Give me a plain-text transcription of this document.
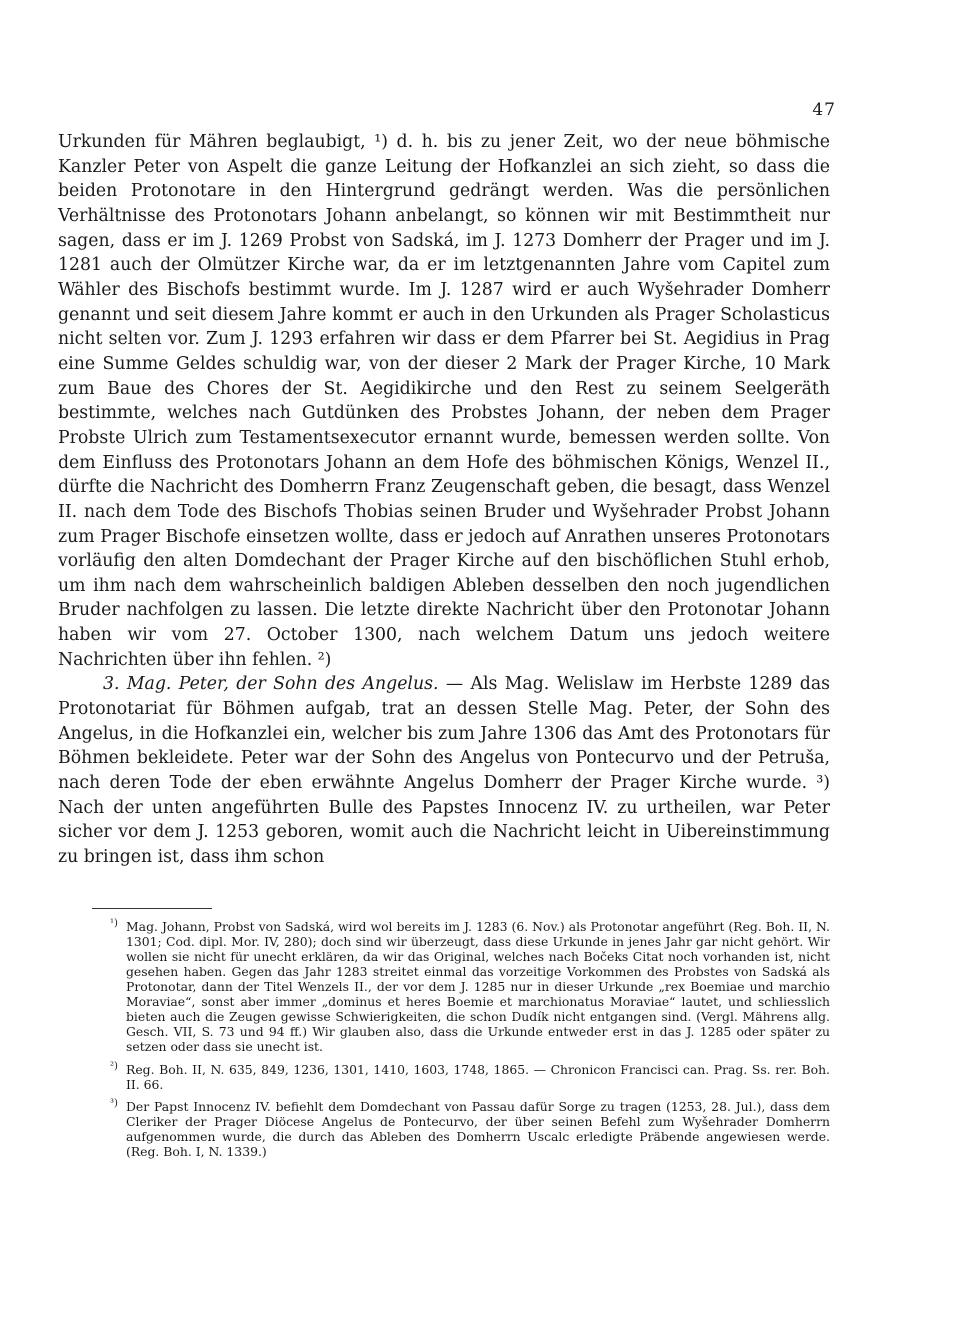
47

Urkunden für Mähren beglaubigt, ¹) d. h. bis zu jener Zeit, wo der neue böhmische Kanzler Peter von Aspelt die ganze Leitung der Hofkanzlei an sich zieht, so dass die beiden Protonotare in den Hintergrund gedrängt werden. Was die persönlichen Verhältnisse des Protonotars Johann anbelangt, so können wir mit Bestimmtheit nur sagen, dass er im J. 1269 Probst von Sadská, im J. 1273 Domherr der Prager und im J. 1281 auch der Olmützer Kirche war, da er im letztgenannten Jahre vom Capitel zum Wähler des Bischofs bestimmt wurde. Im J. 1287 wird er auch Wyšehrader Domherr genannt und seit diesem Jahre kommt er auch in den Urkunden als Prager Scholasticus nicht selten vor. Zum J. 1293 erfahren wir dass er dem Pfarrer bei St. Aegidius in Prag eine Summe Geldes schuldig war, von der dieser 2 Mark der Prager Kirche, 10 Mark zum Baue des Chores der St. Aegidikirche und den Rest zu seinem Seelgeräth bestimmte, welches nach Gutdünken des Probstes Johann, der neben dem Prager Probste Ulrich zum Testamentsexecutor ernannt wurde, bemessen werden sollte. Von dem Einfluss des Protonotars Johann an dem Hofe des böhmischen Königs, Wenzel II., dürfte die Nachricht des Domherrn Franz Zeugenschaft geben, die besagt, dass Wenzel II. nach dem Tode des Bischofs Thobias seinen Bruder und Wyšehrader Probst Johann zum Prager Bischofe einsetzen wollte, dass er jedoch auf Anrathen unseres Protonotars vorläufig den alten Domdechant der Prager Kirche auf den bischöflichen Stuhl erhob, um ihm nach dem wahrscheinlich baldigen Ableben desselben den noch jugendlichen Bruder nachfolgen zu lassen. Die letzte direkte Nachricht über den Protonotar Johann haben wir vom 27. October 1300, nach welchem Datum uns jedoch weitere Nachrichten über ihn fehlen. ²)

3. Mag. Peter, der Sohn des Angelus. — Als Mag. Welislaw im Herbste 1289 das Protonotariat für Böhmen aufgab, trat an dessen Stelle Mag. Peter, der Sohn des Angelus, in die Hofkanzlei ein, welcher bis zum Jahre 1306 das Amt des Protonotars für Böhmen bekleidete. Peter war der Sohn des Angelus von Pontecurvo und der Petruša, nach deren Tode der eben erwähnte Angelus Domherr der Prager Kirche wurde. ³) Nach der unten angeführten Bulle des Papstes Innocenz IV. zu urtheilen, war Peter sicher vor dem J. 1253 geboren, womit auch die Nachricht leicht in Uibereinstimmung zu bringen ist, dass ihm schon

¹) Mag. Johann, Probst von Sadská, wird wol bereits im J. 1283 (6. Nov.) als Protonotar angeführt (Reg. Boh. II, N. 1301; Cod. dipl. Mor. IV, 280); doch sind wir überzeugt, dass diese Urkunde in jenes Jahr gar nicht gehört. Wir wollen sie nicht für unecht erklären, da wir das Original, welches nach Bočeks Citat noch vorhanden ist, nicht gesehen haben. Gegen das Jahr 1283 streitet einmal das vorzeitige Vorkommen des Probstes von Sadská als Protonotar, dann der Titel Wenzels II., der vor dem J. 1285 nur in dieser Urkunde „rex Boemiae und marchio Moraviae“, sonst aber immer „dominus et heres Boemie et marchionatus Moraviae“ lautet, und schliesslich bieten auch die Zeugen gewisse Schwierigkeiten, die schon Dudík nicht entgangen sind. (Vergl. Mährens allg. Gesch. VII, S. 73 und 94 ff.) Wir glauben also, dass die Urkunde entweder erst in das J. 1285 oder später zu setzen oder dass sie unecht ist.
²) Reg. Boh. II, N. 635, 849, 1236, 1301, 1410, 1603, 1748, 1865. — Chronicon Francisci can. Prag. Ss. rer. Boh. II. 66.
³) Der Papst Innocenz IV. befiehlt dem Domdechant von Passau dafür Sorge zu tragen (1253, 28. Jul.), dass dem Cleriker der Prager Diöcese Angelus de Pontecurvo, der über seinen Befehl zum Wyšehrader Domherrn aufgenommen wurde, die durch das Ableben des Domherrn Uscalc erledigte Präbende angewiesen werde. (Reg. Boh. I, N. 1339.)
